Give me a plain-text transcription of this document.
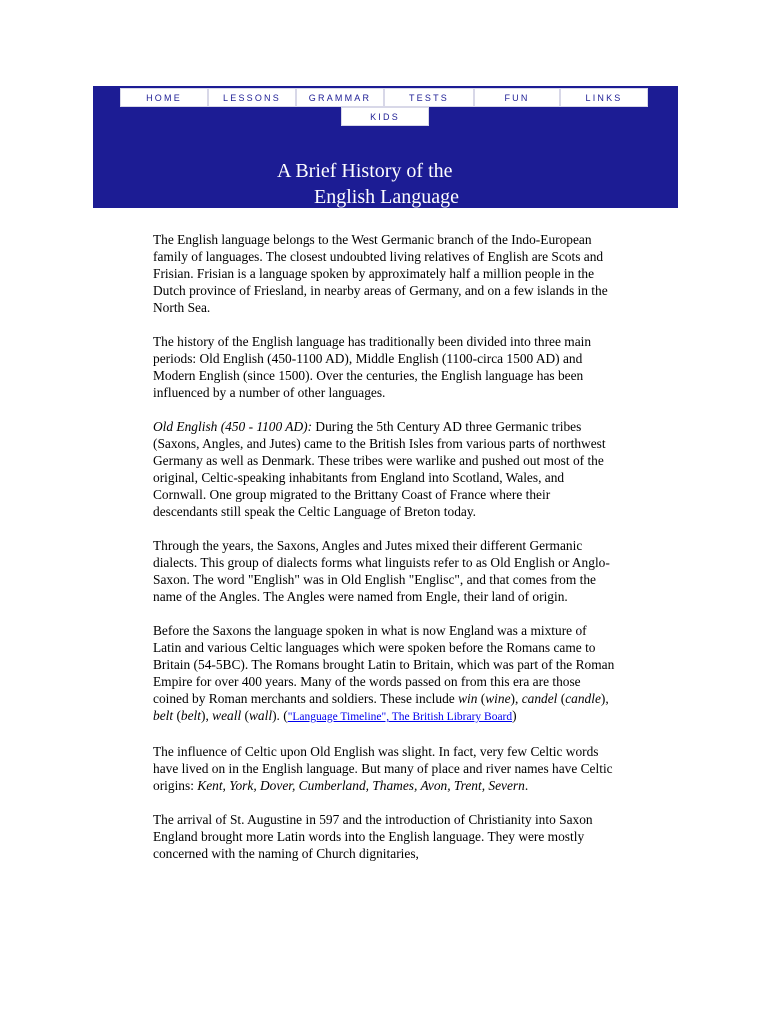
HOME	LESSONS	GRAMMAR	TESTS	FUN	LINKS
KIDS
A Brief History of the
English Language

The English language belongs to the West Germanic branch of the Indo-European family of languages. The closest undoubted living relatives of English are Scots and Frisian. Frisian is a language spoken by approximately half a million people in the Dutch province of Friesland, in nearby areas of Germany, and on a few islands in the North Sea.

The history of the English language has traditionally been divided into three main periods: Old English (450-1100 AD), Middle English (1100-circa 1500 AD) and Modern English (since 1500). Over the centuries, the English language has been influenced by a number of other languages.

Old English (450 - 1100 AD): During the 5th Century AD three Germanic tribes (Saxons, Angles, and Jutes) came to the British Isles from various parts of northwest Germany as well as Denmark. These tribes were warlike and pushed out most of the original, Celtic-speaking inhabitants from England into Scotland, Wales, and Cornwall. One group migrated to the Brittany Coast of France where their descendants still speak the Celtic Language of Breton today.

Through the years, the Saxons, Angles and Jutes mixed their different Germanic dialects. This group of dialects forms what linguists refer to as Old English or Anglo-Saxon. The word "English" was in Old English "Englisc", and that comes from the name of the Angles. The Angles were named from Engle, their land of origin.

Before the Saxons the language spoken in what is now England was a mixture of Latin and various Celtic languages which were spoken before the Romans came to Britain (54-5BC). The Romans brought Latin to Britain, which was part of the Roman Empire for over 400 years. Many of the words passed on from this era are those coined by Roman merchants and soldiers. These include win (wine), candel (candle), belt (belt), weall (wall). ("Language Timeline", The British Library Board)

The influence of Celtic upon Old English was slight. In fact, very few Celtic words have lived on in the English language. But many of place and river names have Celtic origins: Kent, York, Dover, Cumberland, Thames, Avon, Trent, Severn.

The arrival of St. Augustine in 597 and the introduction of Christianity into Saxon England brought more Latin words into the English language. They were mostly concerned with the naming of Church dignitaries,
